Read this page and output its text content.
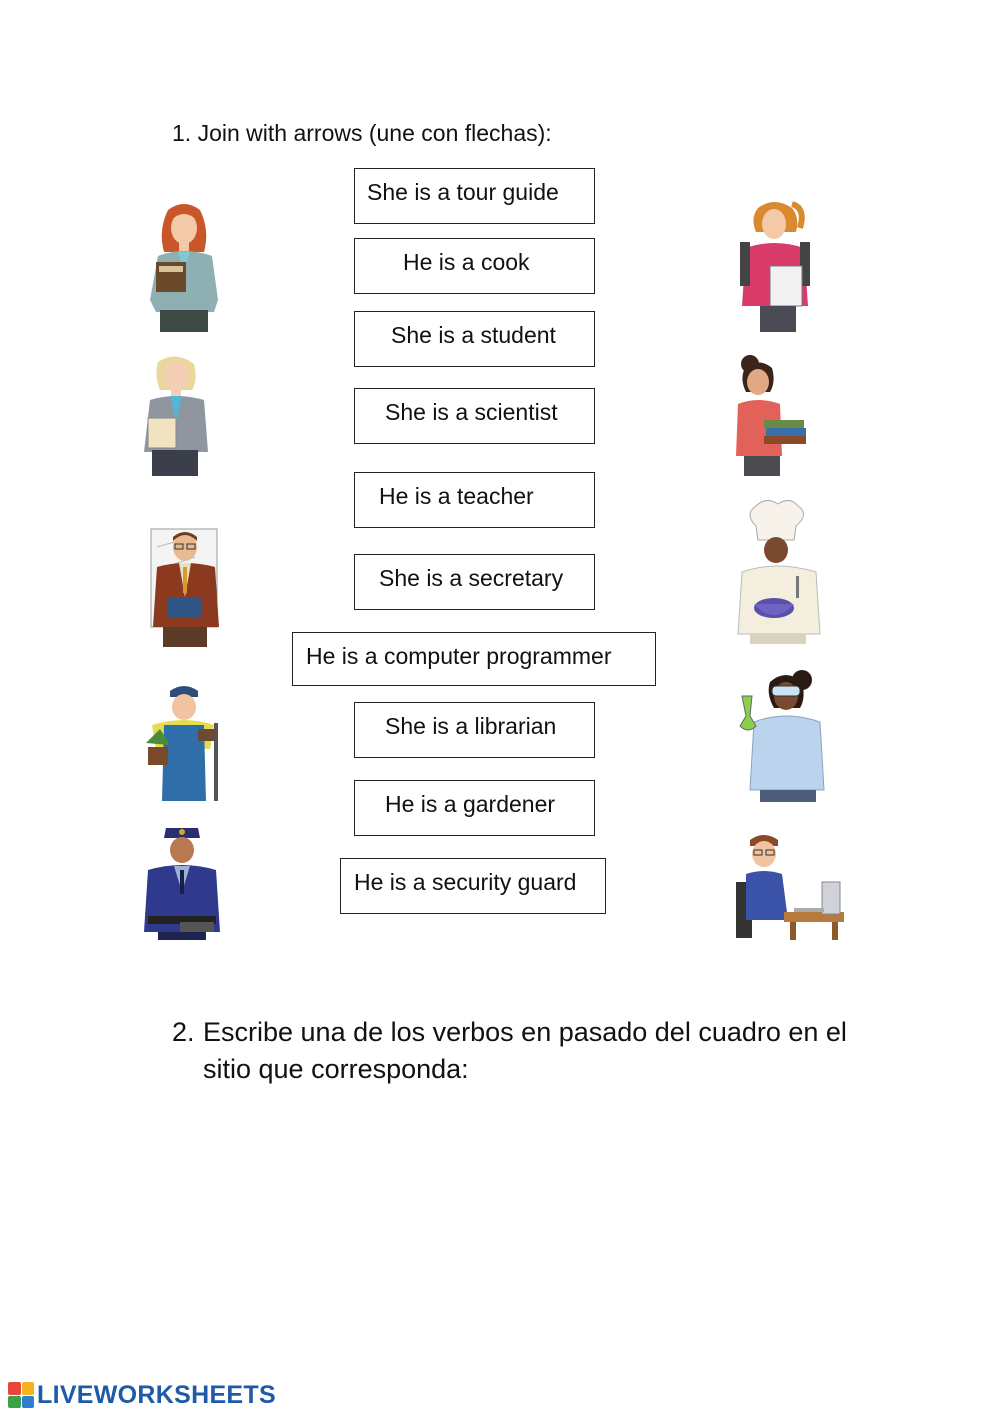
1. Join with arrows (une con flechas):
She is a tour guide
He is a cook
She is a student
She is a scientist
He is a teacher
She is a secretary
He is a computer programmer
She is a librarian
He is a gardener
He is a security guard
2. Escribe una de los verbos en pasado del cuadro en el sitio que corresponda:
LIVEWORKSHEETS
